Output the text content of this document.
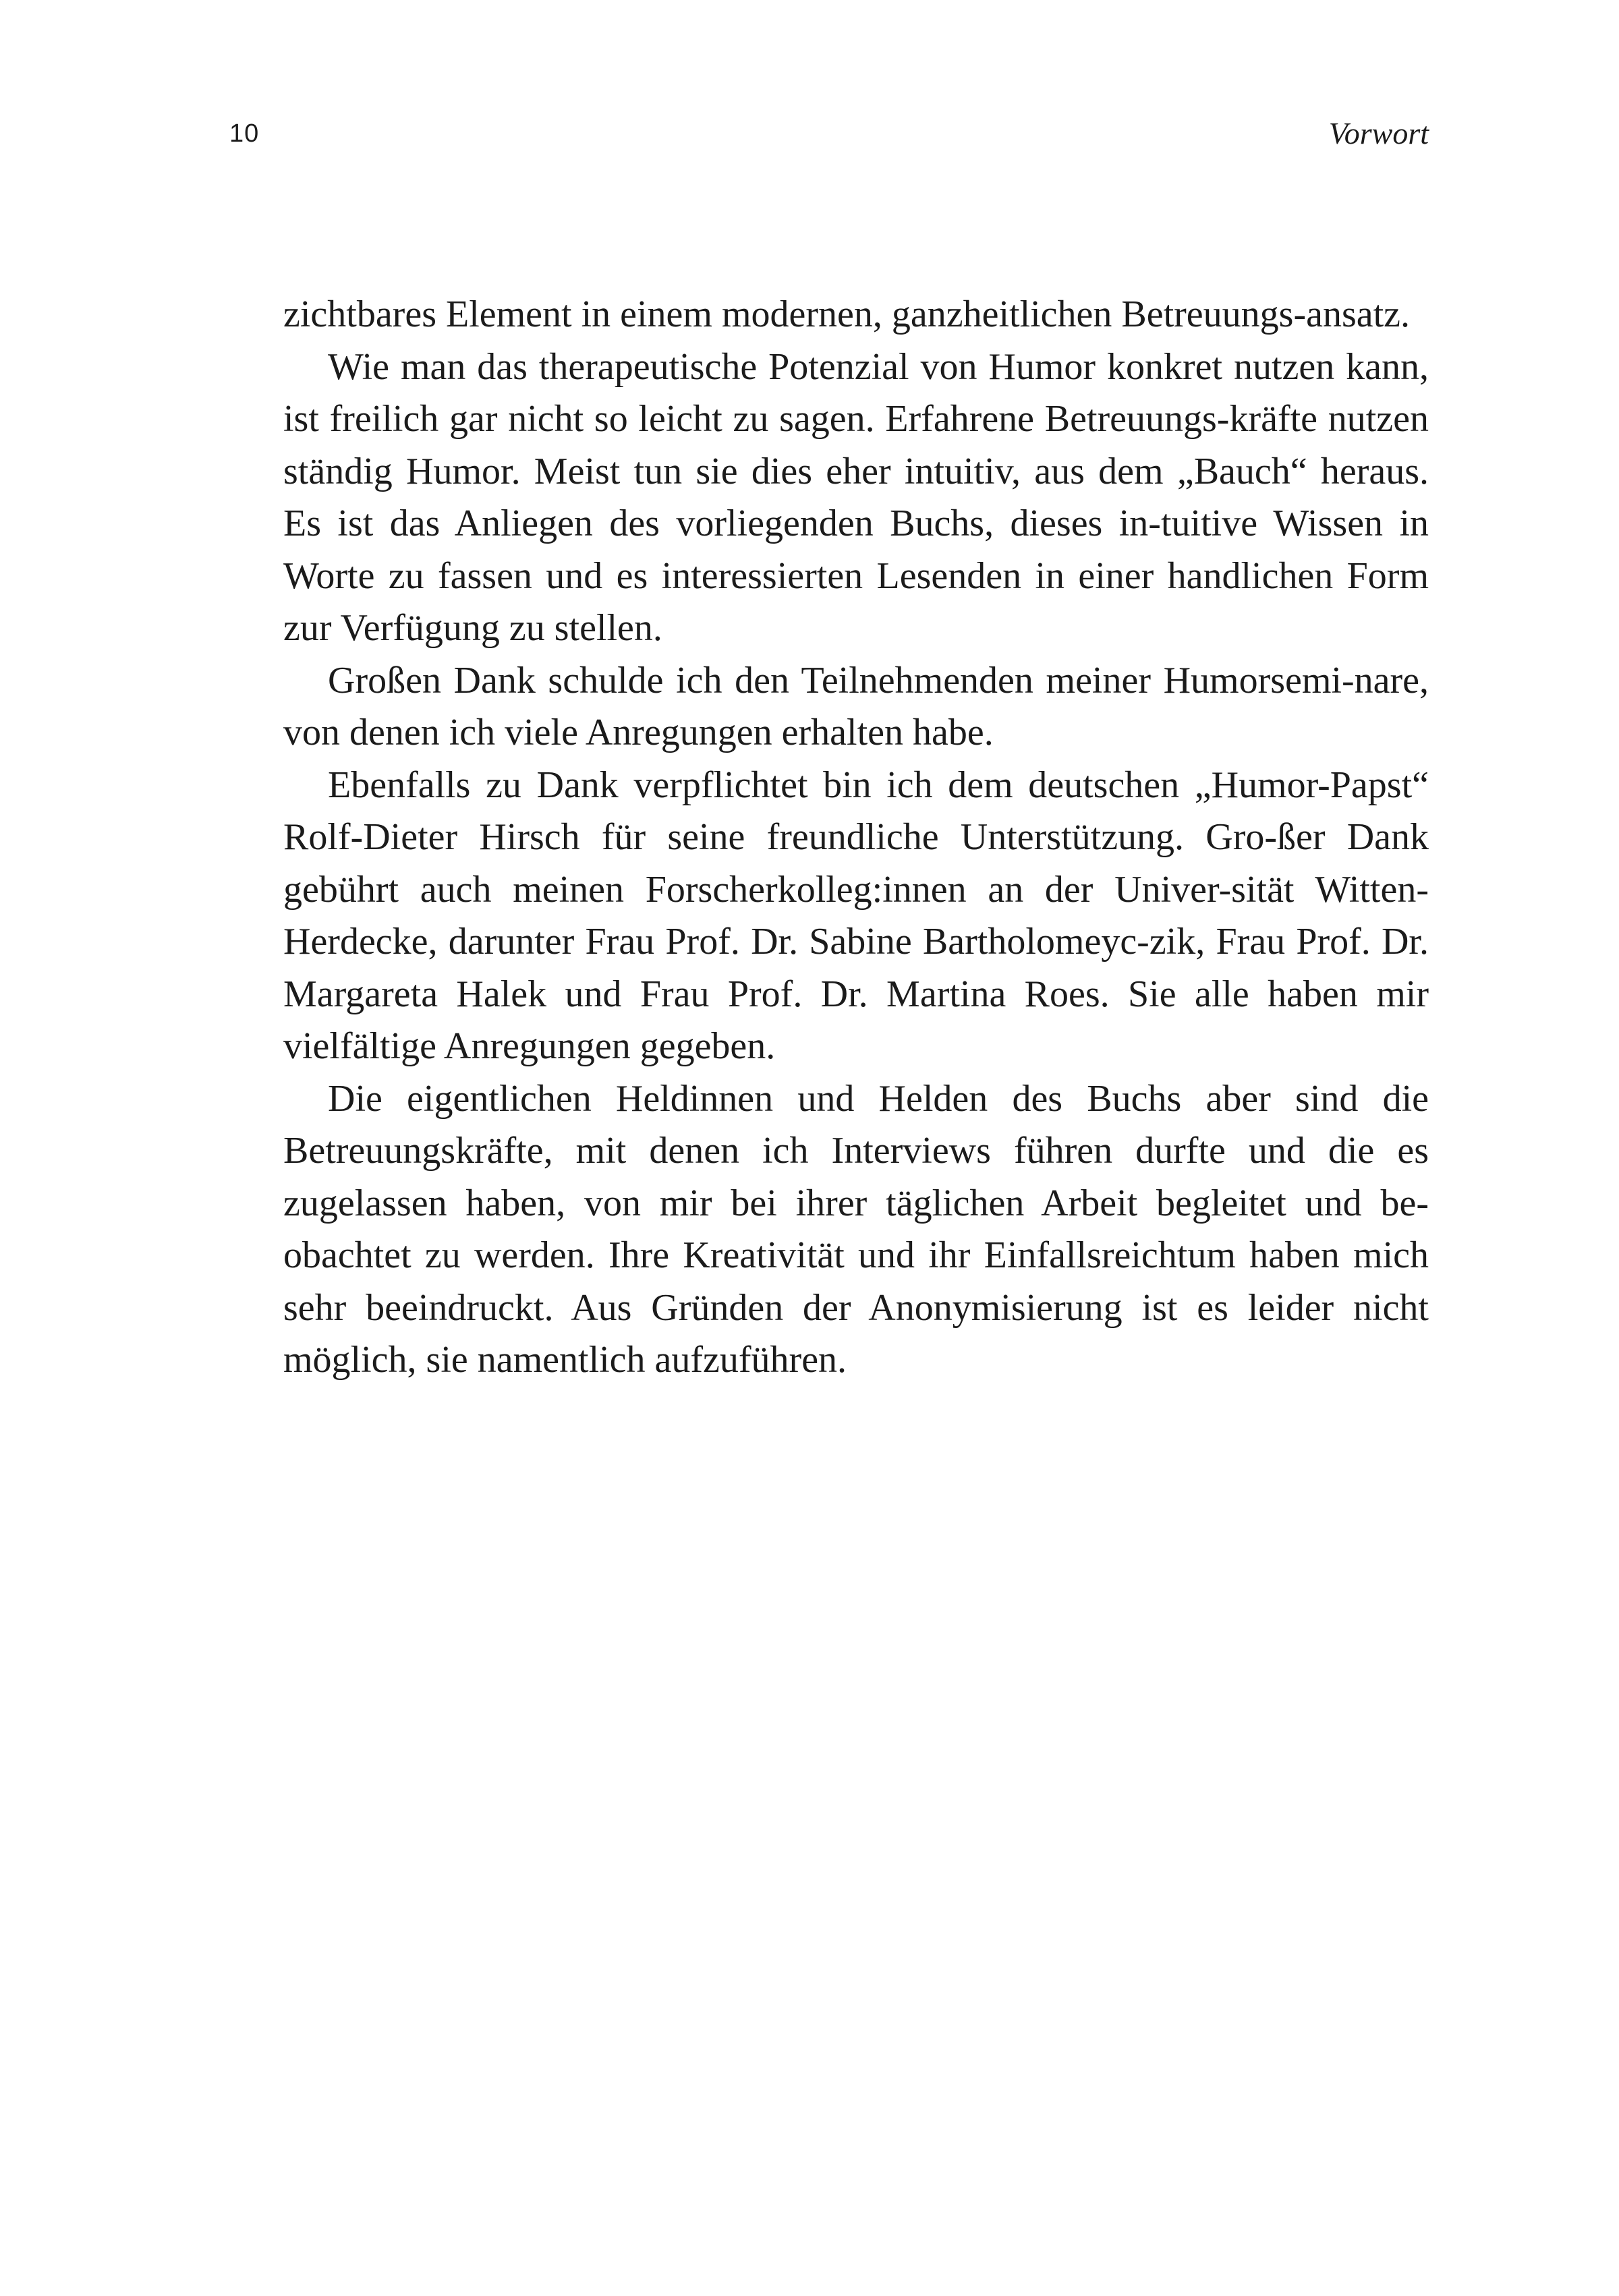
10	Vorwort

zichtbares Element in einem modernen, ganzheitlichen Betreuungs-ansatz.

Wie man das therapeutische Potenzial von Humor konkret nutzen kann, ist freilich gar nicht so leicht zu sagen. Erfahrene Betreuungs-kräfte nutzen ständig Humor. Meist tun sie dies eher intuitiv, aus dem „Bauch“ heraus. Es ist das Anliegen des vorliegenden Buchs, dieses in-tuitive Wissen in Worte zu fassen und es interessierten Lesenden in einer handlichen Form zur Verfügung zu stellen.

Großen Dank schulde ich den Teilnehmenden meiner Humorsemi-nare, von denen ich viele Anregungen erhalten habe.

Ebenfalls zu Dank verpflichtet bin ich dem deutschen „Humor-Papst“ Rolf-Dieter Hirsch für seine freundliche Unterstützung. Gro-ßer Dank gebührt auch meinen Forscherkolleg:innen an der Univer-sität Witten-Herdecke, darunter Frau Prof. Dr. Sabine Bartholomeyc-zik, Frau Prof. Dr. Margareta Halek und Frau Prof. Dr. Martina Roes. Sie alle haben mir vielfältige Anregungen gegeben.

Die eigentlichen Heldinnen und Helden des Buchs aber sind die Betreuungskräfte, mit denen ich Interviews führen durfte und die es zugelassen haben, von mir bei ihrer täglichen Arbeit begleitet und be-obachtet zu werden. Ihre Kreativität und ihr Einfallsreichtum haben mich sehr beeindruckt. Aus Gründen der Anonymisierung ist es leider nicht möglich, sie namentlich aufzuführen.
